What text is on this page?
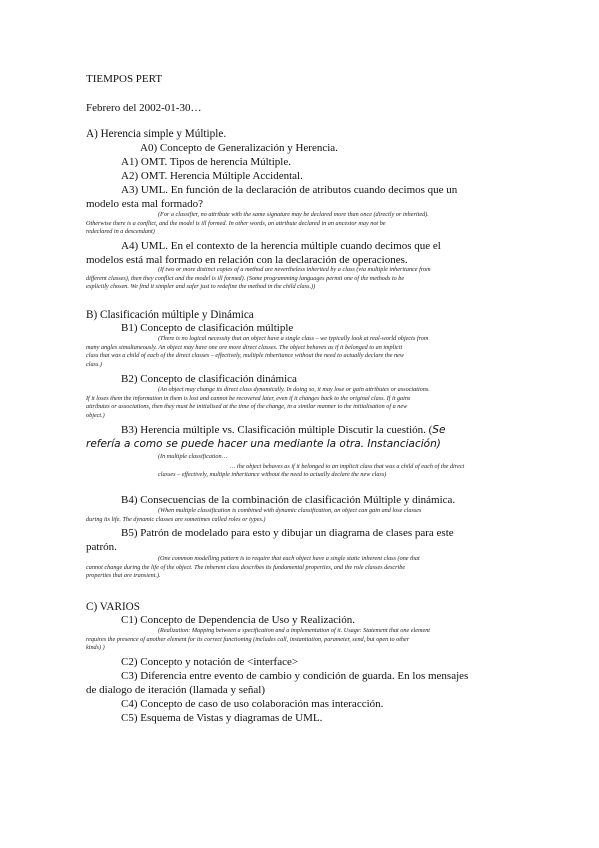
TIEMPOS PERT
Febrero del 2002-01-30…
A) Herencia simple y Múltiple.
A0) Concepto de Generalización y Herencia.
A1) OMT. Tipos de herencia Múltiple.
A2) OMT. Herencia Múltiple Accidental.
A3) UML. En función de la declaración de atributos cuando decimos que un
modelo esta mal formado?
(For a classifier, no attribute with the same signature may be declared more than once (directly or inherited).
Otherwise there is a conflict, and the model is ill formed. In other words, an attribute declared in an ancestor may not be
redeclared in a descendant)
A4) UML. En el contexto de la herencia múltiple cuando decimos que el
modelos está mal formado en relación con la declaración de operaciones.
(If two or more distinct copies of a method are nevertheless inherited by a class (via multiple inheritance from
different classes), then they conflict and the model is ill formed). (Some programming languages permit one of the methods to be
explicitly chosen. We find it simpler and safer just to redefine the method in the child class.))
B) Clasificación múltiple y Dinámica
B1) Concepto de clasificación múltiple
(There is no logical necessity that an object have a single class – we typically look at real-world objects from
many angles simultaneously. An object may have one ore more direct classes. The object behaves as if it belonged to an implicit
class that was a child of each of the direct classes – effectively, multiple inheritance without the need to actually declare the new
class.)
B2) Concepto de clasificación dinámica
(An object may change its direct class dynamically. In doing so, it may lose or gain attributes or associations.
If it loses them the information in them is lost and cannot be recovered later, even if it changes back to the original class. If it gains
attributes or associations, then they must be initialised at the time of the change, in a similar manner to the initialisation of a new
object.)
B3) Herencia múltiple vs. Clasificación múltiple Discutir la cuestión. (Se
refería a como se puede hacer una mediante la otra. Instanciación)
(In multiple classification…
… the object behaves as if it belonged to an implicit class that was a child of each of the direct
classes – effectively, multiple inheritance without the need to actually declare the new class)
B4) Consecuencias de la combinación de clasificación Múltiple y dinámica.
(When multiple classification is combined with dynamic classification, an object can gain and lose classes
during its life. The dynamic classes are sometimes called roles or types.)
B5) Patrón de modelado para esto y dibujar un diagrama de clases para este
patrón.
(One common modelling pattern is to require that each object have a single static inherent class (one that
cannot change during the life of the object. The inherent class describes its fundamental properties, and the role classes describe
properties that are transient.).
C) VARIOS
C1) Concepto de Dependencia de Uso y Realización.
(Realization: Mapping between a specification and a implementation of it. Usage: Statement that one element
requires the presence of another element for its correct functioning (includes call, instantiation, parameter, send, but open to other
kinds) )
C2) Concepto y notación de <interface>
C3) Diferencia entre evento de cambio y condición de guarda. En los mensajes
de dialogo de iteración (llamada y señal)
C4) Concepto de caso de uso colaboración mas interacción.
C5) Esquema de Vistas y diagramas de UML.
